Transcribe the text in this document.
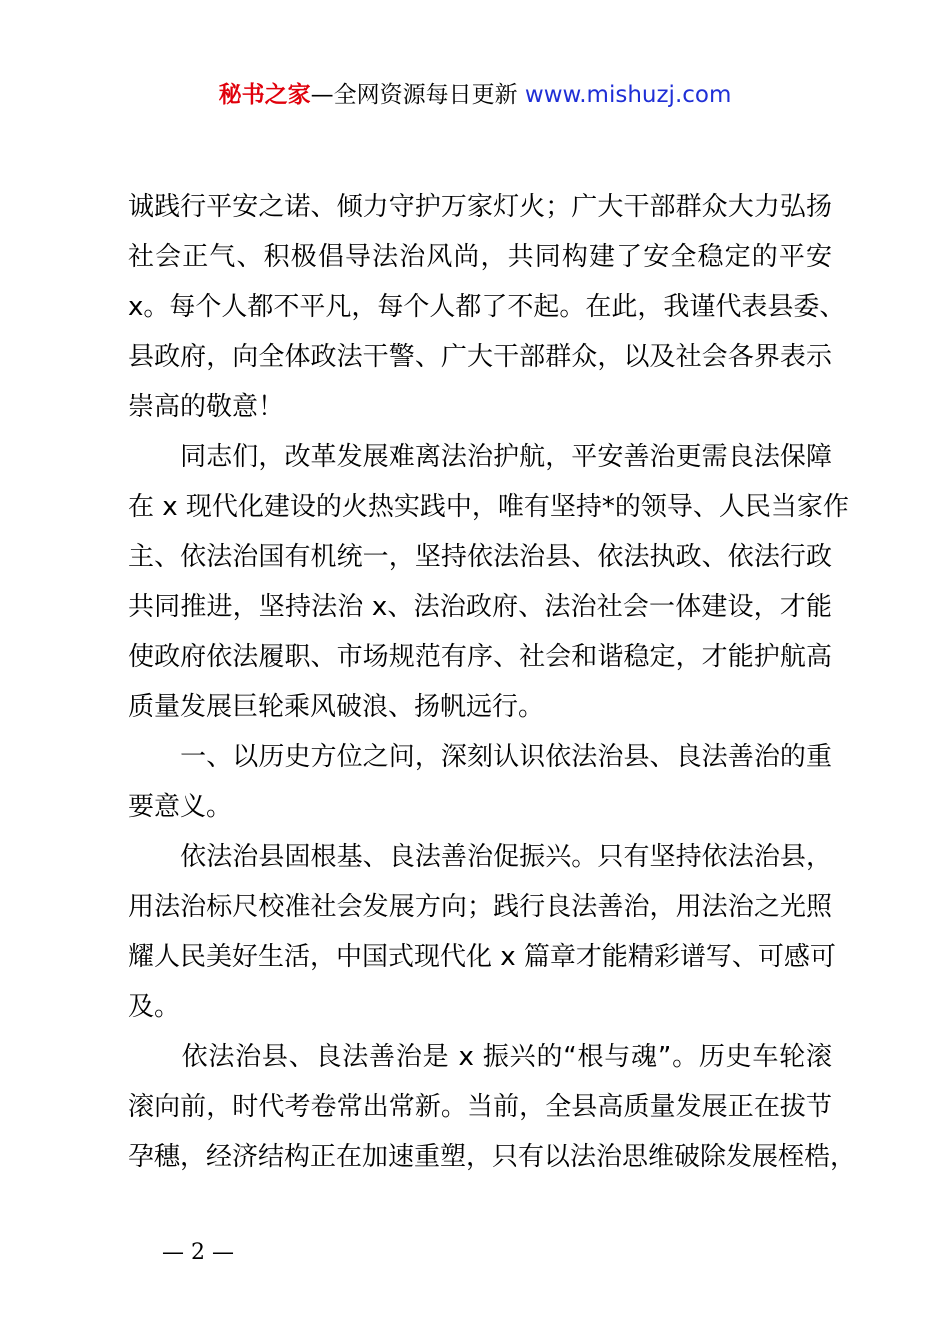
秘书之家—全网资源每日更新 www.mishuzj.com
诚践行平安之诺、倾力守护万家灯火；广大干部群众大力弘扬
社会正气、积极倡导法治风尚，共同构建了安全稳定的平安
x。每个人都不平凡，每个人都了不起。在此，我谨代表县委、
县政府，向全体政法干警、广大干部群众，以及社会各界表示
崇高的敬意！
　　同志们，改革发展难离法治护航，平安善治更需良法保障
在 x 现代化建设的火热实践中，唯有坚持*的领导、人民当家作
主、依法治国有机统一，坚持依法治县、依法执政、依法行政
共同推进，坚持法治 x、法治政府、法治社会一体建设，才能
使政府依法履职、市场规范有序、社会和谐稳定，才能护航高
质量发展巨轮乘风破浪、扬帆远行。
　　一、以历史方位之问，深刻认识依法治县、良法善治的重
要意义。
　　依法治县固根基、良法善治促振兴。只有坚持依法治县，
用法治标尺校准社会发展方向；践行良法善治，用法治之光照
耀人民美好生活，中国式现代化 x 篇章才能精彩谱写、可感可
及。
　　依法治县、良法善治是 x 振兴的“根与魂”。历史车轮滚
滚向前，时代考卷常出常新。当前，全县高质量发展正在拔节
孕穗，经济结构正在加速重塑，只有以法治思维破除发展桎梏，
— 2 —
